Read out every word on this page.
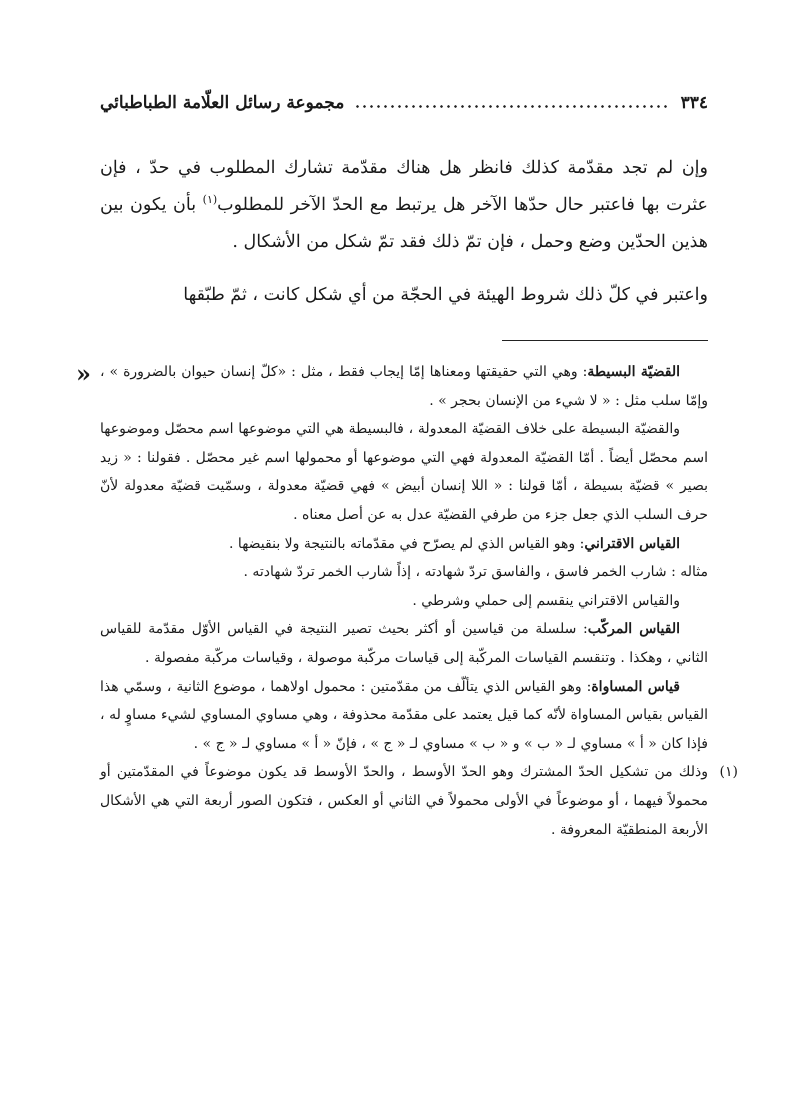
٣٣٤
مجموعة رسائل العلّامة الطباطبائي

وإن لم تجد مقدّمة كذلك فانظر هل هناك مقدّمة تشارك المطلوب في حدّ ، فإن عثرت بها فاعتبر حال حدّها الآخر هل يرتبط مع الحدّ الآخر للمطلوب$^{(١)}$ بأن يكون بين هذين الحدّين وضع وحمل ، فإن تمّ ذلك فقد تمّ شكل من الأشكال .

واعتبر في كلّ ذلك شروط الهيئة في الحجّة من أي شكل كانت ، ثمّ طبّقها

«	القضيّة البسيطة: وهي التي حقيقتها ومعناها إمّا إيجاب فقط ، مثل : «كلّ إنسان حيوان بالضرورة » ، وإمّا سلب مثل : « لا شيء من الإنسان بحجر » .

والقضيّة البسيطة على خلاف القضيّة المعدولة ، فالبسيطة هي التي موضوعها اسم محصّل وموضوعها اسم محصّل أيضاً . أمّا القضيّة المعدولة فهي التي موضوعها أو محمولها اسم غير محصّل . فقولنا : « زيد بصير » قضيّة بسيطة ، أمّا قولنا : « اللا إنسان أبيض » فهي قضيّة معدولة ، وسمّيت قضيّة معدولة لأنّ حرف السلب الذي جعل جزء من طرفي القضيّة عدل به عن أصل معناه .

القياس الاقتراني: وهو القياس الذي لم يصرّح في مقدّماته بالنتيجة ولا بنقيضها .

مثاله : شارب الخمر فاسق ، والفاسق تردّ شهادته ، إذاً شارب الخمر تردّ شهادته .

والقياس الاقتراني ينقسم إلى حملي وشرطي .

القياس المركّب: سلسلة من قياسين أو أكثر بحيث تصير النتيجة في القياس الأوّل مقدّمة للقياس الثاني ، وهكذا . وتنقسم القياسات المركّبة إلى قياسات مركّبة موصولة ، وقياسات مركّبة مفصولة .

قياس المساواة: وهو القياس الذي يتألّف من مقدّمتين : محمول اولاهما ، موضوع الثانية ، وسمّي هذا القياس بقياس المساواة لأنّه كما قيل يعتمد على مقدّمة محذوفة ، وهي مساوي المساوي لشيء مساوٍ له ، فإذا كان « أ » مساوي لـ « ب » و « ب » مساوي لـ « ج » ، فإنّ « أ » مساوي لـ « ج » .

(١)
وذلك من تشكيل الحدّ المشترك وهو الحدّ الأوسط ، والحدّ الأوسط قد يكون موضوعاً في المقدّمتين أو محمولاً فيهما ، أو موضوعاً في الأولى محمولاً في الثاني أو العكس ، فتكون الصور أربعة التي هي الأشكال الأربعة المنطقيّة المعروفة .
